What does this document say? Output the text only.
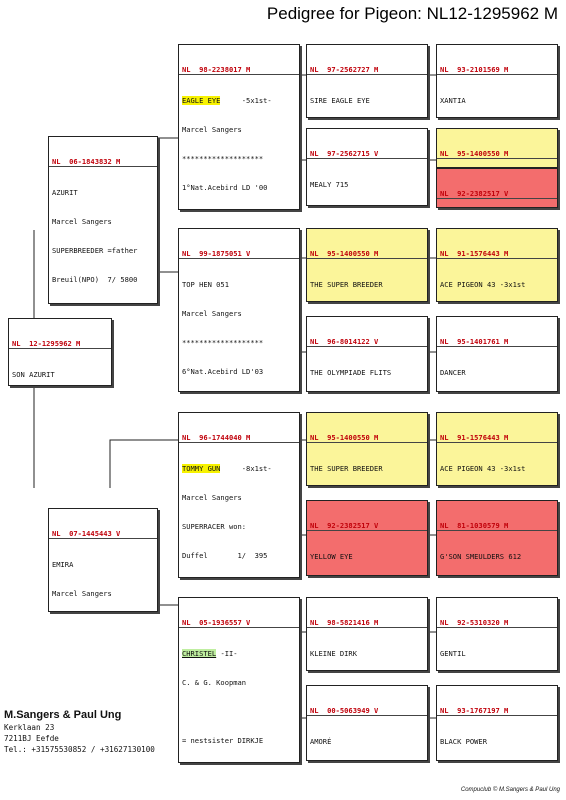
Pedigree for Pigeon: NL12-1295962 M

NL  12-1295962 M

SON AZURIT

NL  06-1843832 M

AZURIT

Marcel Sangers

SUPERBREEDER =father

Breuil(NPO)  7/ 5800

NL  07-1445443 V

EMIRA

Marcel Sangers

NL  98-2238017 M

EAGLE EYE     -5x1st-

Marcel Sangers

*******************

1°Nat.Acebird LD '00

NL  99-1875051 V

TOP HEN 051

Marcel Sangers

*******************

6°Nat.Acebird LD'03

NL  96-1744040 M

TOMMY GUN     -8x1st-

Marcel Sangers

SUPERRACER won:

Duffel       1/  395

NL  05-1936557 V

CHRISTEL -II-

C. & G. Koopman

= nestsister DIRKJE

NL  97-2562727 M

SIRE EAGLE EYE

NL  97-2562715 V

MEALY 715

NL  95-1400550 M

THE SUPER BREEDER

NL  96-8014122 V

THE OLYMPIADE FLITS

NL  95-1400550 M

THE SUPER BREEDER

NL  92-2382517 V

YELLOW EYE

NL  98-5821416 M

KLEINE DIRK

NL  00-5063949 V

AMORÉ

NL  93-2101569 M

XANTIA

NL  95-1400550 M

NL  92-2382517 V

NL  91-1576443 M

ACE PIGEON 43 -3x1st

NL  95-1401761 M

DANCER

NL  91-1576443 M

ACE PIGEON 43 -3x1st

NL  81-1030579 M

G'SON SMEULDERS 612

NL  92-5310320 M

GENTIL

NL  93-1767197 M

BLACK POWER

M.Sangers & Paul Ung
Kerklaan 23
7211BJ Eefde
Tel.: +31575530852 / +31627130100
Compuclub © M.Sangers & Paul Ung
